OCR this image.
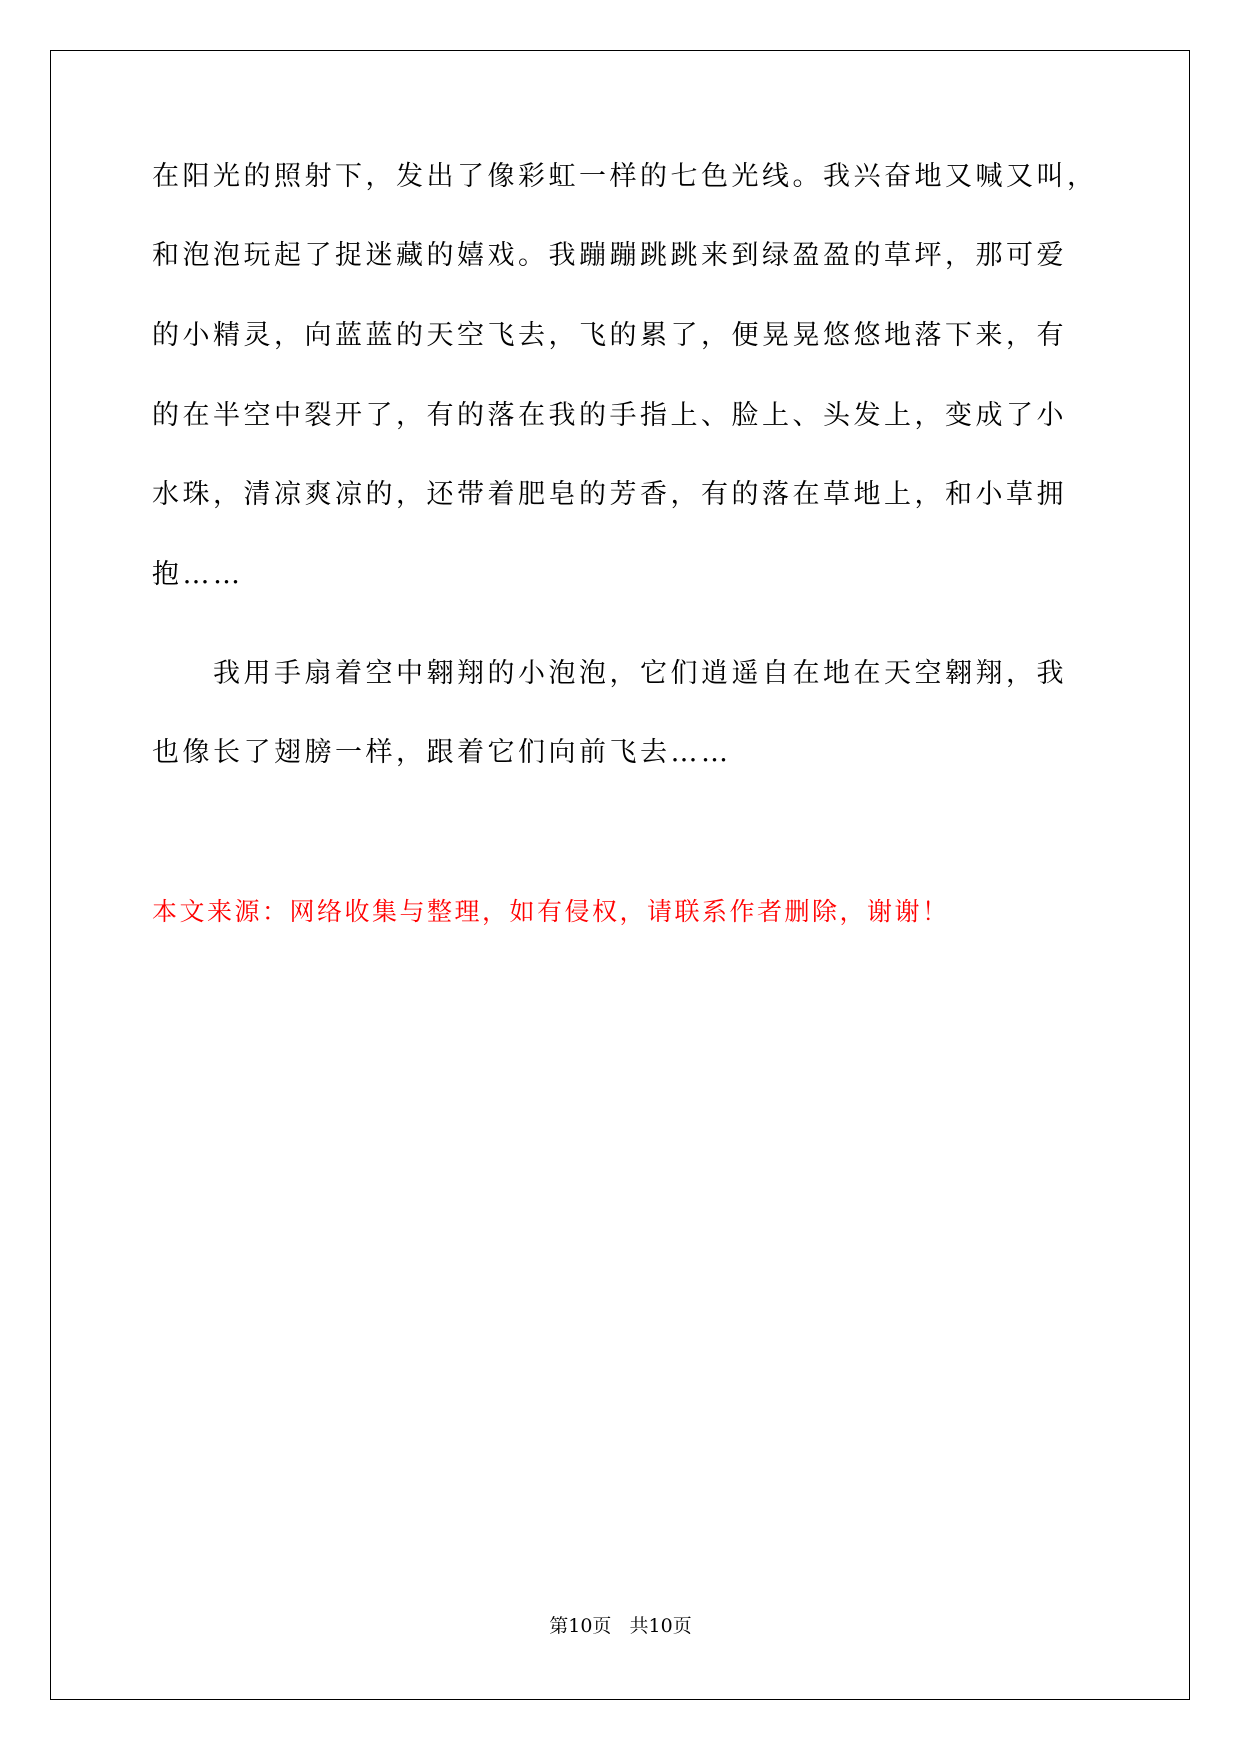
在阳光的照射下，发出了像彩虹一样的七色光线。我兴奋地又喊又叫，
和泡泡玩起了捉迷藏的嬉戏。我蹦蹦跳跳来到绿盈盈的草坪，那可爱
的小精灵，向蓝蓝的天空飞去，飞的累了，便晃晃悠悠地落下来，有
的在半空中裂开了，有的落在我的手指上、脸上、头发上，变成了小
水珠，清凉爽凉的，还带着肥皂的芳香，有的落在草地上，和小草拥
抱……
我用手扇着空中翱翔的小泡泡，它们逍遥自在地在天空翱翔，我
也像长了翅膀一样，跟着它们向前飞去……
本文来源：网络收集与整理，如有侵权，请联系作者删除，谢谢！
第10页   共10页
